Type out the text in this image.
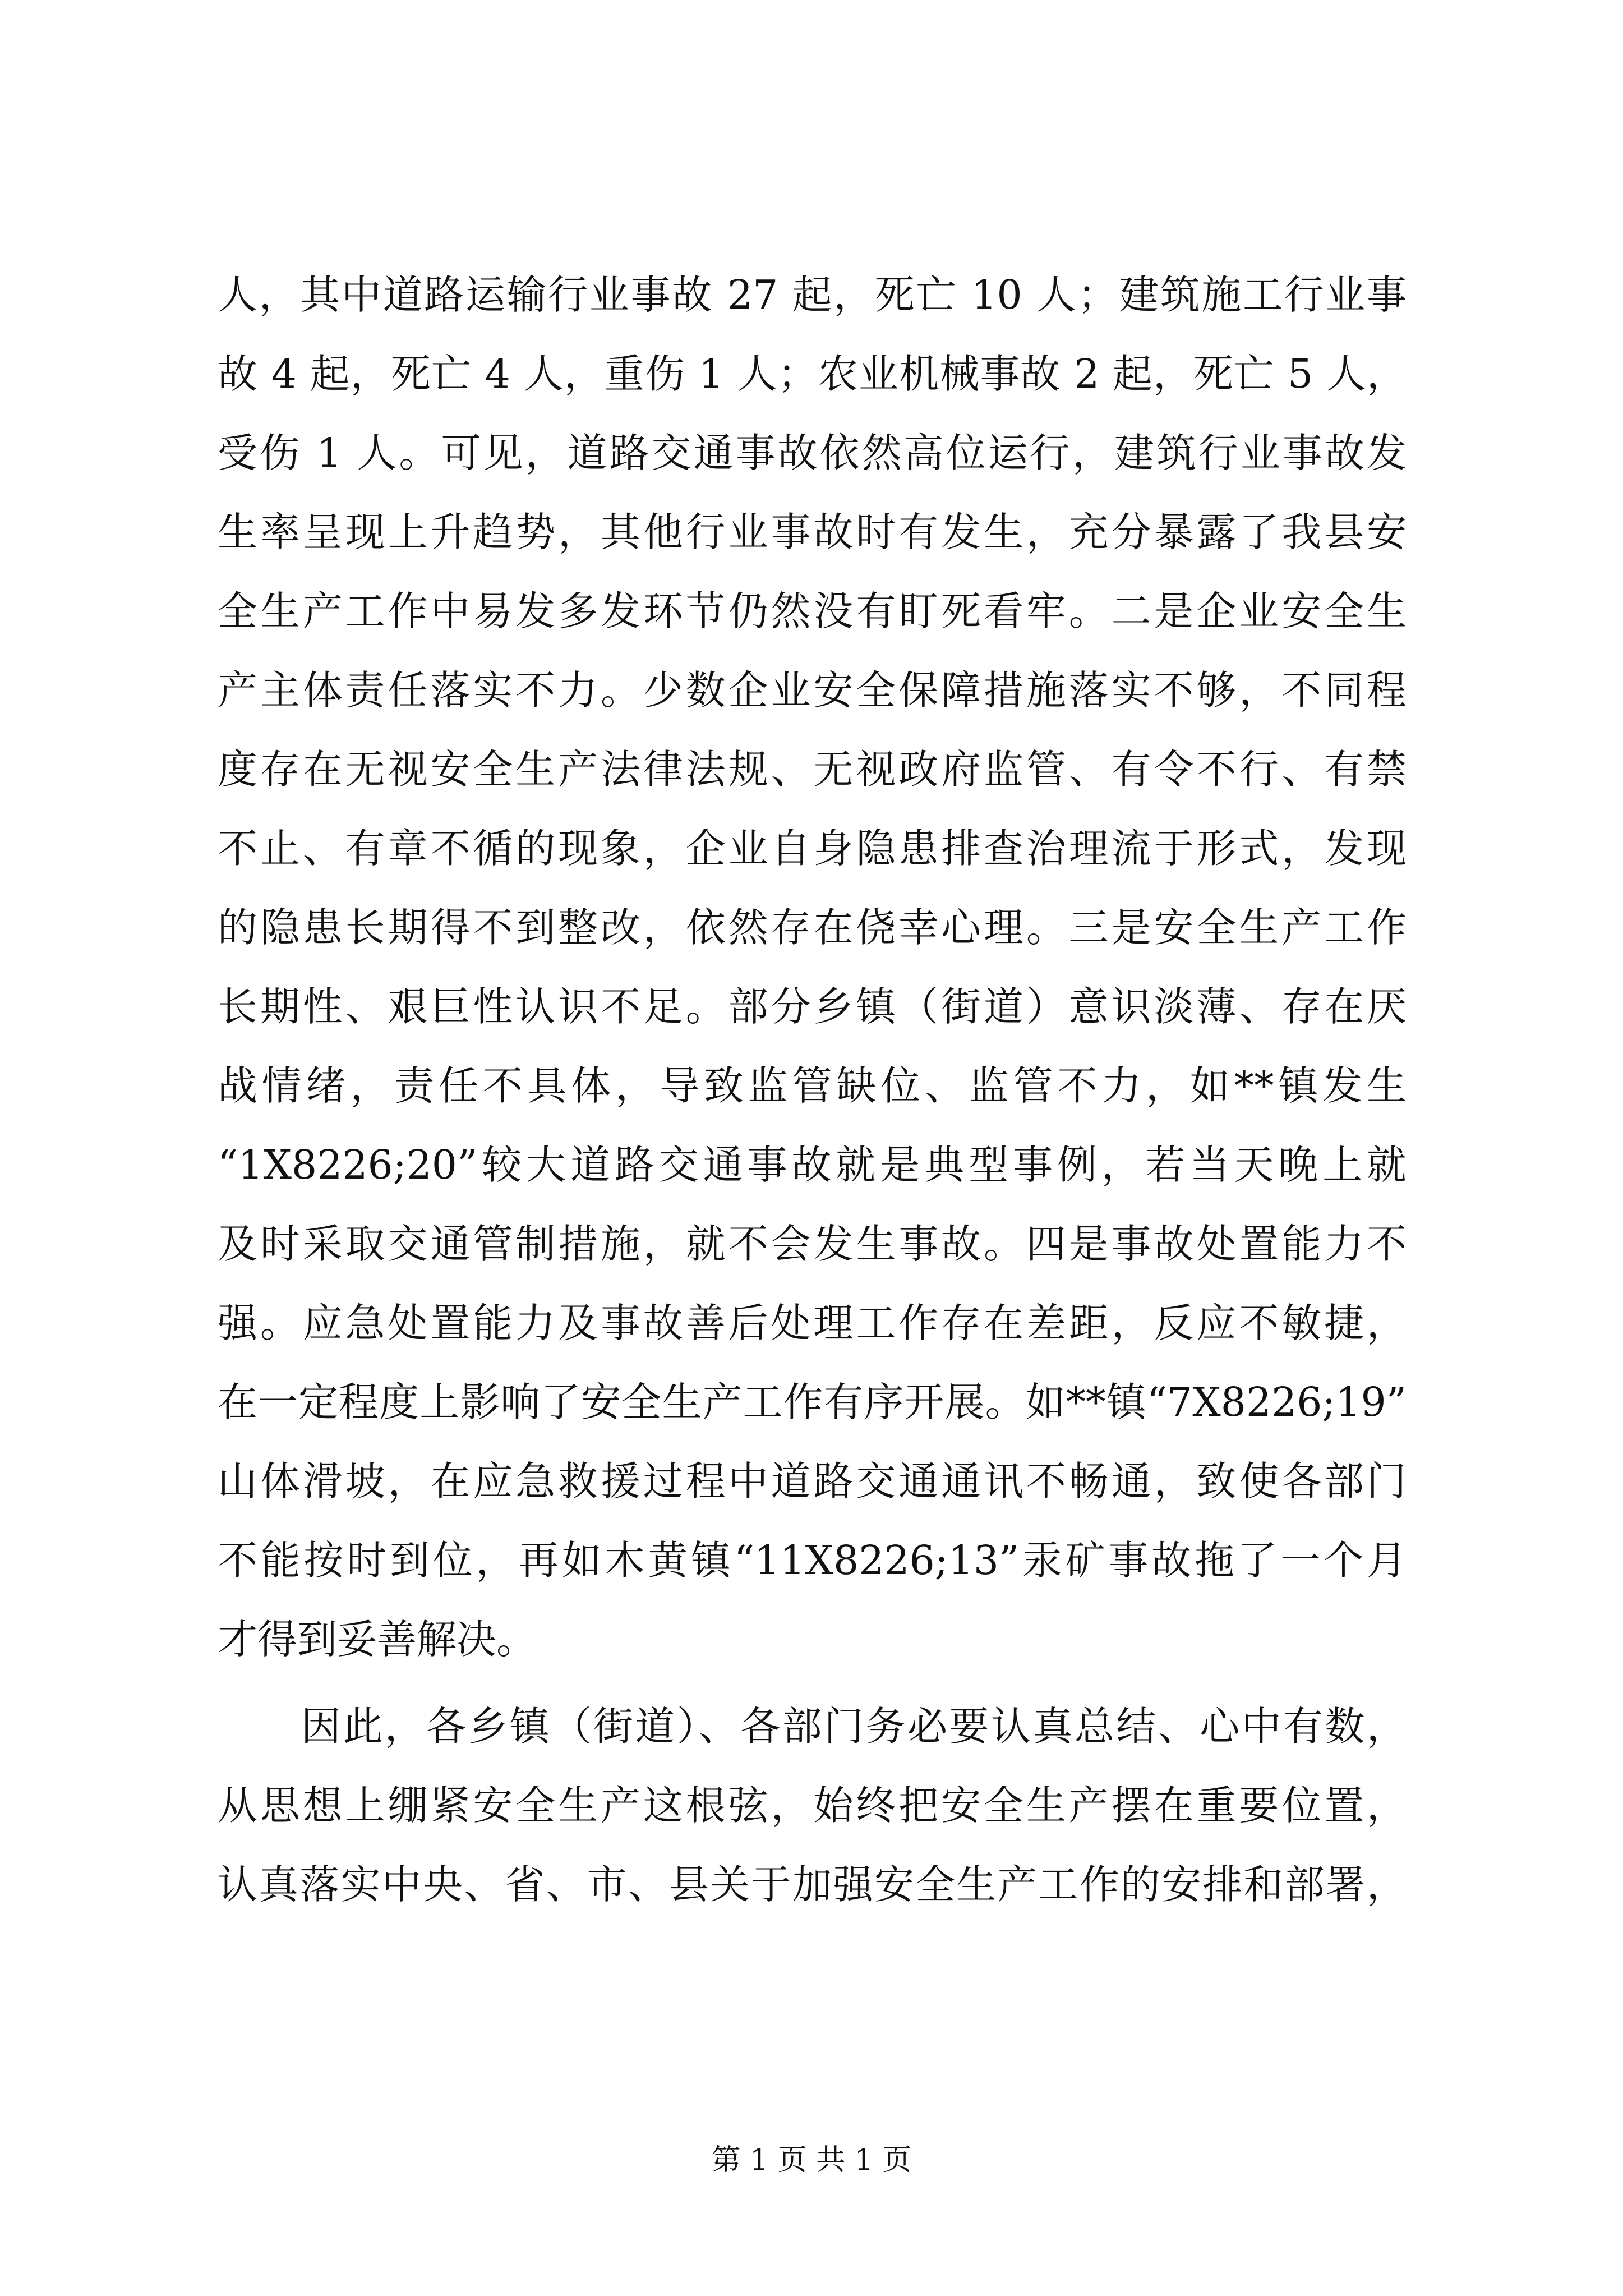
人，其中道路运输行业事故 27 起，死亡 10 人；建筑施工行业事
故 4 起，死亡 4 人，重伤 1 人；农业机械事故 2 起，死亡 5 人，
受伤 1 人。可见，道路交通事故依然高位运行，建筑行业事故发
生率呈现上升趋势，其他行业事故时有发生，充分暴露了我县安
全生产工作中易发多发环节仍然没有盯死看牢。二是企业安全生
产主体责任落实不力。少数企业安全保障措施落实不够，不同程
度存在无视安全生产法律法规、无视政府监管、有令不行、有禁
不止、有章不循的现象，企业自身隐患排查治理流于形式，发现
的隐患长期得不到整改，依然存在侥幸心理。三是安全生产工作
长期性、艰巨性认识不足。部分乡镇（街道）意识淡薄、存在厌
战情绪，责任不具体，导致监管缺位、监管不力，如**镇发生
“1X8226;20”较大道路交通事故就是典型事例，若当天晚上就
及时采取交通管制措施，就不会发生事故。四是事故处置能力不
强。应急处置能力及事故善后处理工作存在差距，反应不敏捷，
在一定程度上影响了安全生产工作有序开展。如**镇“7X8226;19”
山体滑坡，在应急救援过程中道路交通通讯不畅通，致使各部门
不能按时到位，再如木黄镇“11X8226;13”汞矿事故拖了一个月
才得到妥善解决。
　　因此，各乡镇（街道）、各部门务必要认真总结、心中有数，
从思想上绷紧安全生产这根弦，始终把安全生产摆在重要位置，
认真落实中央、省、市、县关于加强安全生产工作的安排和部署，
第 1 页 共 1 页
